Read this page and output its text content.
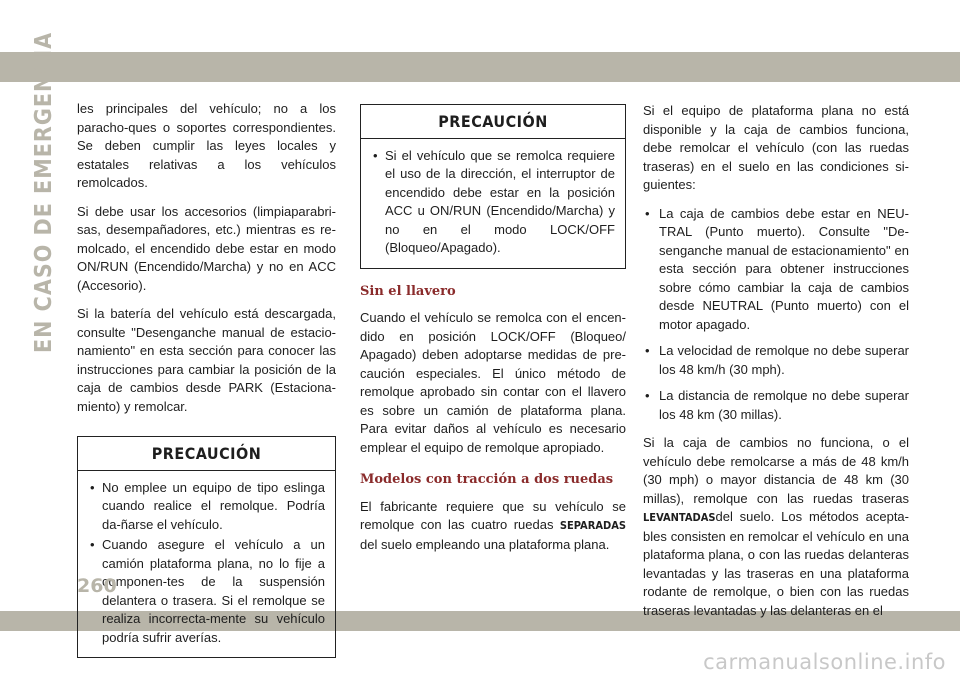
EN CASO DE EMERGENCIA les principales del vehículo; no a los paracho-ques o soportes correspondientes. Se deben cumplir las leyes locales y estatales relativas a los vehículos remolcados.

Si debe usar los accesorios (limpiaparabri-sas, desempañadores, etc.) mientras es re-molcado, el encendido debe estar en modo ON/RUN (Encendido/Marcha) y no en ACC (Accesorio).

Si la batería del vehículo está descargada, consulte "Desenganche manual de estacio-namiento" en esta sección para conocer las instrucciones para cambiar la posición de la caja de cambios desde PARK (Estaciona-miento) y remolcar.

PRECAUCIÓN
• No emplee un equipo de tipo eslinga cuando realice el remolque. Podría da-ñarse el vehículo.
• Cuando asegure el vehículo a un camión plataforma plana, no lo fije a componen-tes de la suspensión delantera o trasera. Si el remolque se realiza incorrecta-mente su vehículo podría sufrir averías.
PRECAUCIÓN
• Si el vehículo que se remolca requiere el uso de la dirección, el interruptor de encendido debe estar en la posición ACC u ON/RUN (Encendido/Marcha) y no en el modo LOCK/OFF (Bloqueo/Apagado).
Sin el llavero

Cuando el vehículo se remolca con el encen-dido en posición LOCK/OFF (Bloqueo/ Apagado) deben adoptarse medidas de pre-caución especiales. El único método de remolque aprobado sin contar con el llavero es sobre un camión de plataforma plana. Para evitar daños al vehículo es necesario emplear el equipo de remolque apropiado.

Modelos con tracción a dos ruedas

El fabricante requiere que su vehículo se remolque con las cuatro ruedas SEPARADAS del suelo empleando una plataforma plana.

Si el equipo de plataforma plana no está disponible y la caja de cambios funciona, debe remolcar el vehículo (con las ruedas traseras) en el suelo en las condiciones si-guientes:

• La caja de cambios debe estar en NEU-TRAL (Punto muerto). Consulte "De-senganche manual de estacionamiento" en esta sección para obtener instrucciones sobre cómo cambiar la caja de cambios desde NEUTRAL (Punto muerto) con el motor apagado.
• La velocidad de remolque no debe superar los 48 km/h (30 mph).
• La distancia de remolque no debe superar los 48 km (30 millas).

Si la caja de cambios no funciona, o el vehículo debe remolcarse a más de 48 km/h (30 mph) o mayor distancia de 48 km (30 millas), remolque con las ruedas traseras LEVANTADASdel suelo. Los métodos acepta-bles consisten en remolcar el vehículo en una plataforma plana, o con las ruedas delanteras levantadas y las traseras en una plataforma rodante de remolque, o bien con las ruedas traseras levantadas y las delanteras en el

260
carmanualsonline.info
